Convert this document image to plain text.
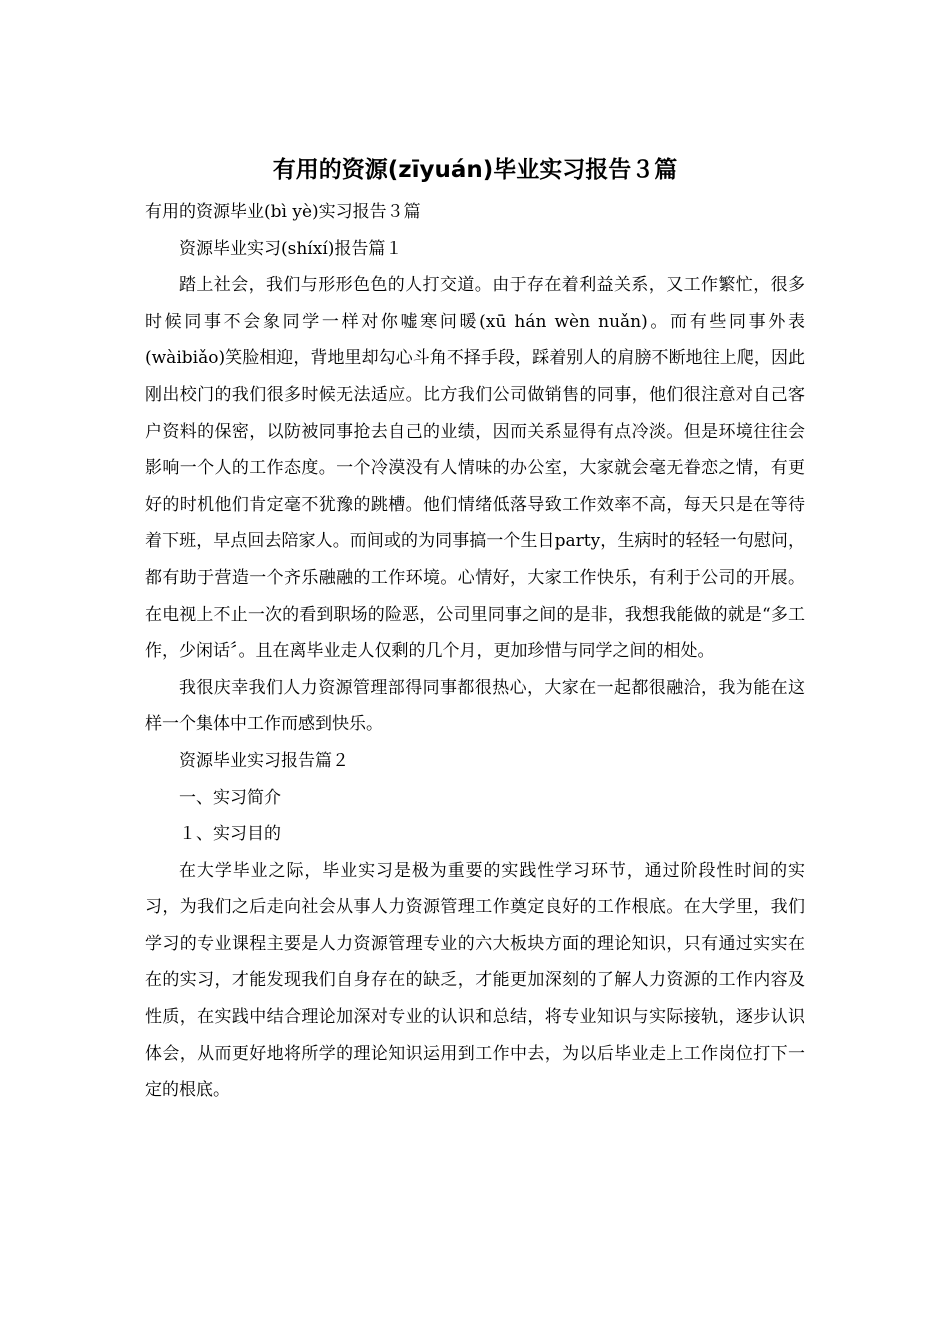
有用的资源(zīyuán)毕业实习报告３篇

有用的资源毕业(bì yè)实习报告３篇

资源毕业实习(shíxí)报告篇１

踏上社会，我们与形形色色的人打交道。由于存在着利益关系，又工作繁忙，很多时候同事不会象同学一样对你嘘寒问暖(xū hán wèn nuǎn)。而有些同事外表(wàibiǎo)笑脸相迎，背地里却勾心斗角不择手段，踩着别人的肩膀不断地往上爬，因此刚出校门的我们很多时候无法适应。比方我们公司做销售的同事，他们很注意对自己客户资料的保密，以防被同事抢去自己的业绩，因而关系显得有点冷淡。但是环境往往会影响一个人的工作态度。一个冷漠没有人情味的办公室，大家就会毫无眷恋之情，有更好的时机他们肯定毫不犹豫的跳槽。他们情绪低落导致工作效率不高，每天只是在等待着下班，早点回去陪家人。而间或的为同事搞一个生日party，生病时的轻轻一句慰问，都有助于营造一个齐乐融融的工作环境。心情好，大家工作快乐，有利于公司的开展。在电视上不止一次的看到职场的险恶，公司里同事之间的是非，我想我能做的就是“多工作，少闲话〞。且在离毕业走人仅剩的几个月，更加珍惜与同学之间的相处。

我很庆幸我们人力资源管理部得同事都很热心，大家在一起都很融洽，我为能在这样一个集体中工作而感到快乐。

资源毕业实习报告篇２

一、实习简介

１、实习目的

在大学毕业之际，毕业实习是极为重要的实践性学习环节，通过阶段性时间的实习，为我们之后走向社会从事人力资源管理工作奠定良好的工作根底。在大学里，我们学习的专业课程主要是人力资源管理专业的六大板块方面的理论知识，只有通过实实在在的实习，才能发现我们自身存在的缺乏，才能更加深刻的了解人力资源的工作内容及性质，在实践中结合理论加深对专业的认识和总结，将专业知识与实际接轨，逐步认识体会，从而更好地将所学的理论知识运用到工作中去，为以后毕业走上工作岗位打下一定的根底。
